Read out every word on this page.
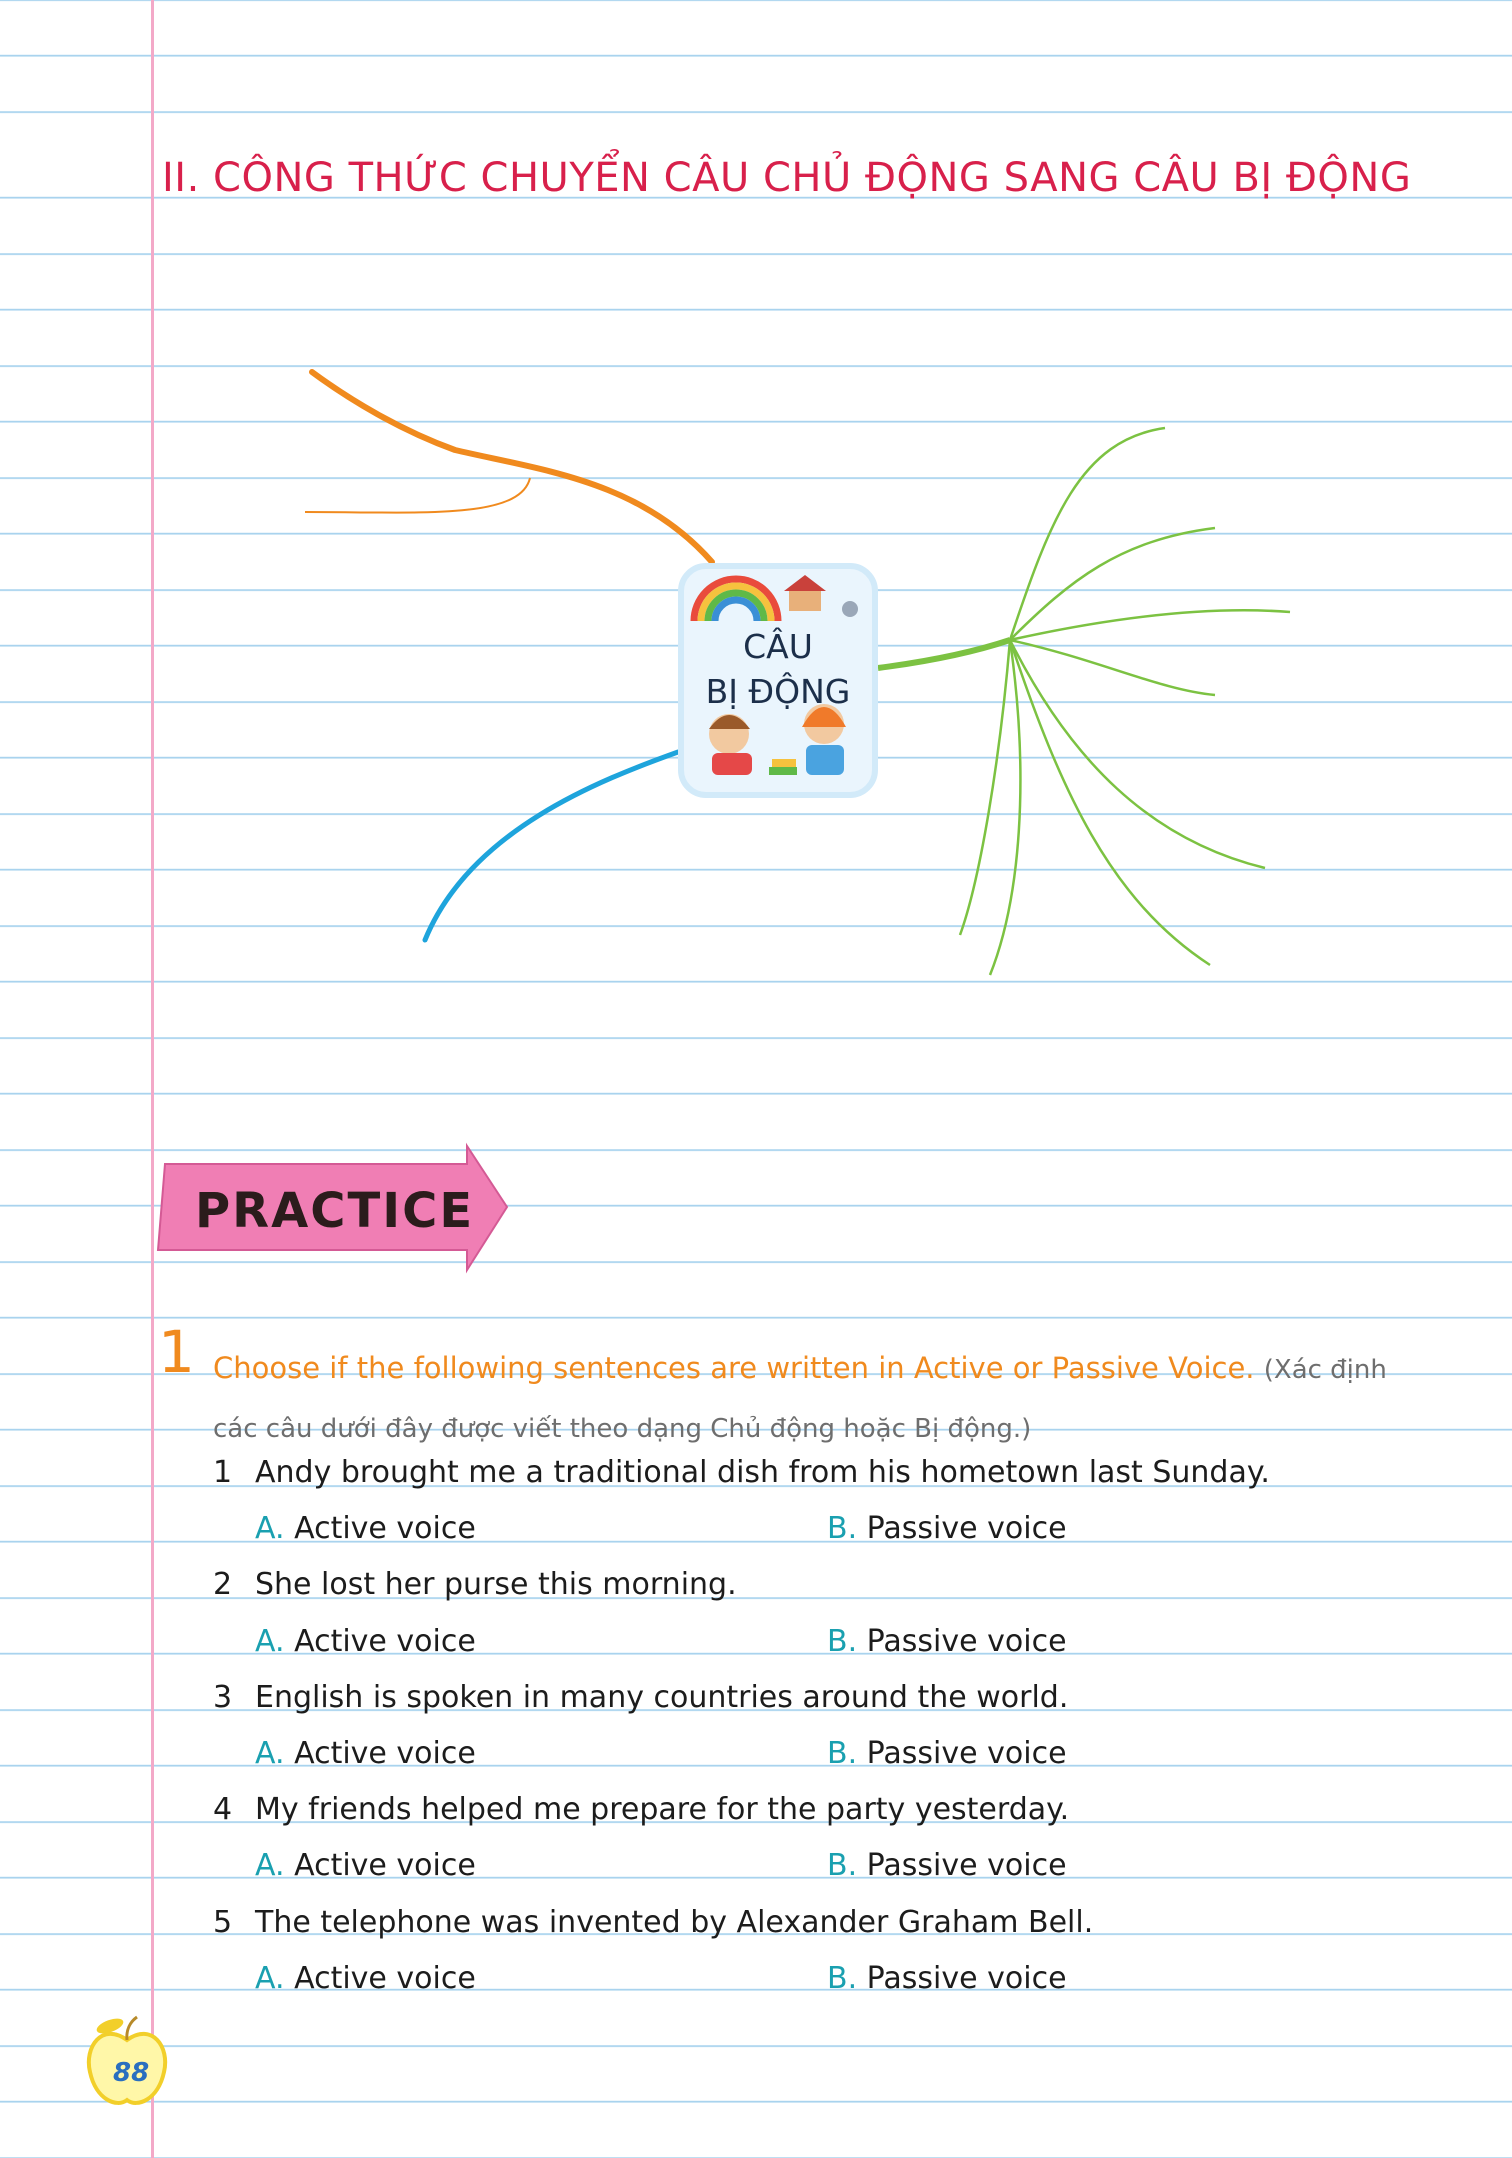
II. CÔNG THỨC CHUYỂN CÂU CHỦ ĐỘNG SANG CÂU BỊ ĐỘNG
CÂU
BỊ ĐỘNG
PRACTICE
1 Choose if the following sentences are written in Active or Passive Voice. (Xác định các câu dưới đây được viết theo dạng Chủ động hoặc Bị động.)
1 Andy brought me a traditional dish from his hometown last Sunday.
A. Active voice	B. Passive voice
2 She lost her purse this morning.
A. Active voice	B. Passive voice
3 English is spoken in many countries around the world.
A. Active voice	B. Passive voice
4 My friends helped me prepare for the party yesterday.
A. Active voice	B. Passive voice
5 The telephone was invented by Alexander Graham Bell.
A. Active voice	B. Passive voice
88
